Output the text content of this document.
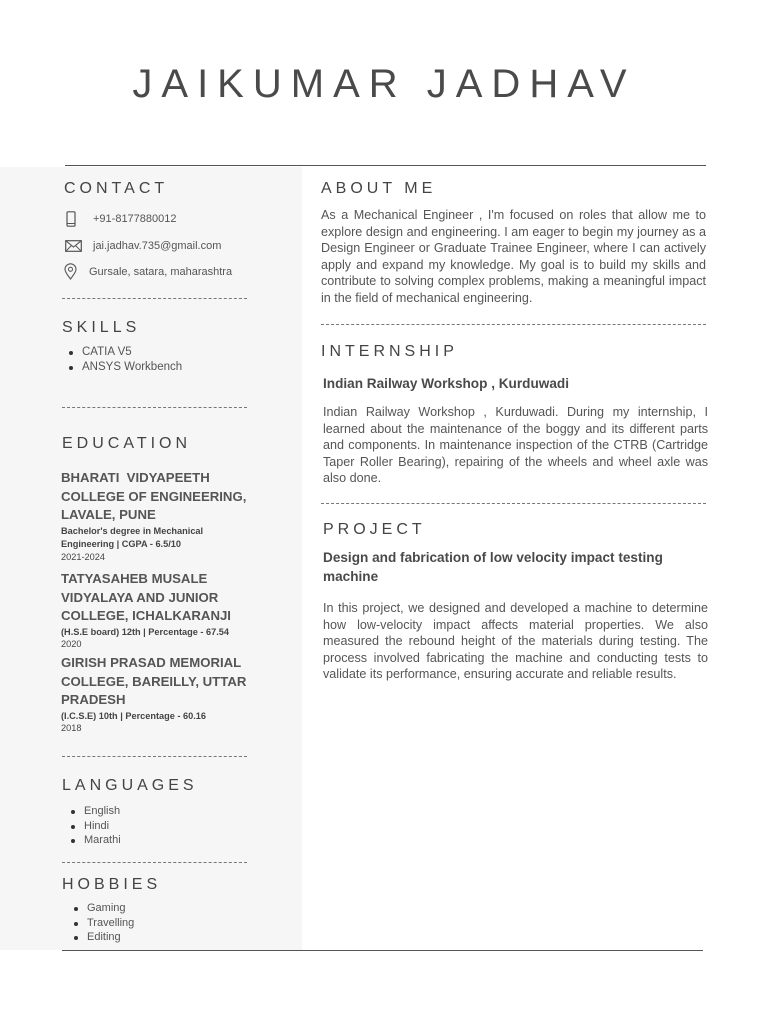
JAIKUMAR JADHAV
CONTACT
+91-8177880012
jai.jadhav.735@gmail.com
Gursale, satara, maharashtra
SKILLS
CATIA V5
ANSYS Workbench
EDUCATION
BHARATI  VIDYAPEETH
COLLEGE OF ENGINEERING,
LAVALE, PUNE
Bachelor's degree in Mechanical
Engineering | CGPA - 6.5/10
2021-2024
TATYASAHEB MUSALE
VIDYALAYA AND JUNIOR
COLLEGE, ICHALKARANJI
(H.S.E board) 12th | Percentage - 67.54
2020
GIRISH PRASAD MEMORIAL
COLLEGE, BAREILLY, UTTAR
PRADESH
(I.C.S.E) 10th | Percentage - 60.16
2018
LANGUAGES
English
Hindi
Marathi
HOBBIES
Gaming
Travelling
Editing
ABOUT ME
As a Mechanical Engineer , I'm focused on roles that allow me to explore design and engineering. I am eager to begin my journey as a Design Engineer or Graduate Trainee Engineer, where I can actively apply and expand my knowledge. My goal is to build my skills and contribute to solving complex problems, making a meaningful impact in the field of mechanical engineering.
INTERNSHIP
Indian Railway Workshop , Kurduwadi
Indian Railway Workshop , Kurduwadi. During my internship, I learned about the maintenance of the boggy and its different parts and components. In maintenance inspection of the CTRB (Cartridge Taper Roller Bearing), repairing of the wheels and wheel axle was also done.
PROJECT
Design and fabrication of low velocity impact testing machine
In this project, we designed and developed a machine to determine how low-velocity impact affects material properties. We also measured the rebound height of the materials during testing. The process involved fabricating the machine and conducting tests to validate its performance, ensuring accurate and reliable results.
